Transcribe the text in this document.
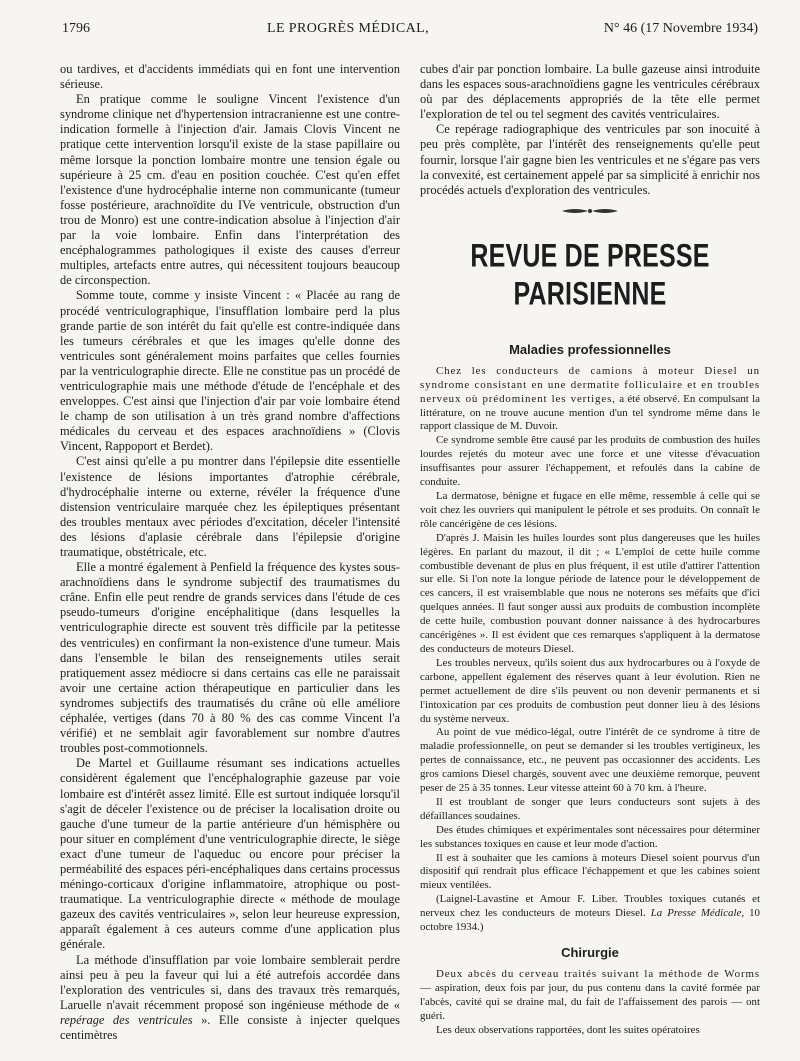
1796	LE PROGRÈS MÉDICAL,	N° 46 (17 Novembre 1934)

ou tardives, et d'accidents immédiats qui en font une intervention sérieuse.

En pratique comme le souligne Vincent l'existence d'un syndrome clinique net d'hypertension intracranienne est une contre-indication formelle à l'injection d'air. Jamais Clovis Vincent ne pratique cette intervention lorsqu'il existe de la stase papillaire ou même lorsque la ponction lombaire montre une tension égale ou supérieure à 25 cm. d'eau en position couchée. C'est qu'en effet l'existence d'une hydrocéphalie interne non communicante (tumeur fosse postérieure, arachnoïdite du IVe ventricule, obstruction d'un trou de Monro) est une contre-indication absolue à l'injection d'air par la voie lombaire. Enfin dans l'interprétation des encéphalogrammes pathologiques il existe des causes d'erreur multiples, artefacts entre autres, qui nécessitent toujours beaucoup de circonspection.

Somme toute, comme y insiste Vincent : « Placée au rang de procédé ventriculographique, l'insufflation lombaire perd la plus grande partie de son intérêt du fait qu'elle est contre-indiquée dans les tumeurs cérébrales et que les images qu'elle donne des ventricules sont généralement moins parfaites que celles fournies par la ventriculographie directe. Elle ne constitue pas un procédé de ventriculographie mais une méthode d'étude de l'encéphale et des enveloppes. C'est ainsi que l'injection d'air par voie lombaire étend le champ de son utilisation à un très grand nombre d'affections médicales du cerveau et des espaces arachnoïdiens » (Clovis Vincent, Rappoport et Berdet).

C'est ainsi qu'elle a pu montrer dans l'épilepsie dite essentielle l'existence de lésions importantes d'atrophie cérébrale, d'hydrocéphalie interne ou externe, révéler la fréquence d'une distension ventriculaire marquée chez les épileptiques présentant des troubles mentaux avec périodes d'excitation, déceler l'intensité des lésions d'aplasie cérébrale dans l'épilepsie d'origine traumatique, obstétricale, etc.

Elle a montré également à Penfield la fréquence des kystes sous-arachnoïdiens dans le syndrome subjectif des traumatismes du crâne. Enfin elle peut rendre de grands services dans l'étude de ces pseudo-tumeurs d'origine encéphalitique (dans lesquelles la ventriculographie directe est souvent très difficile par la petitesse des ventricules) en confirmant la non-existence d'une tumeur. Mais dans l'ensemble le bilan des renseignements utiles serait pratiquement assez médiocre si dans certains cas elle ne paraissait avoir une certaine action thérapeutique en particulier dans les syndromes subjectifs des traumatisés du crâne où elle améliore céphalée, vertiges (dans 70 à 80 % des cas comme Vincent l'a vérifié) et ne semblait agir favorablement sur nombre d'autres troubles post-commotionnels.

De Martel et Guillaume résumant ses indications actuelles considèrent également que l'encéphalographie gazeuse par voie lombaire est d'intérêt assez limité. Elle est surtout indiquée lorsqu'il s'agit de déceler l'existence ou de préciser la localisation droite ou gauche d'une tumeur de la partie antérieure d'un hémisphère ou pour situer en complément d'une ventriculographie directe, le siège exact d'une tumeur de l'aqueduc ou encore pour préciser la perméabilité des espaces péri-encéphaliques dans certains processus méningo-corticaux d'origine inflammatoire, atrophique ou post-traumatique. La ventriculographie directe « méthode de moulage gazeux des cavités ventriculaires », selon leur heureuse expression, apparaît également à ces auteurs comme d'une application plus générale.

La méthode d'insufflation par voie lombaire semblerait perdre ainsi peu à peu la faveur qui lui a été autrefois accordée dans l'exploration des ventricules si, dans des travaux très remarqués, Laruelle n'avait récemment proposé son ingénieuse méthode de « repérage des ventricules ». Elle consiste à injecter quelques centimètres

cubes d'air par ponction lombaire. La bulle gazeuse ainsi introduite dans les espaces sous-arachnoïdiens gagne les ventricules cérébraux où par des déplacements appropriés de la tête elle permet l'exploration de tel ou tel segment des cavités ventriculaires.

Ce repérage radiographique des ventricules par son inocuité à peu près complète, par l'intérêt des renseignements qu'elle peut fournir, lorsque l'air gagne bien les ventricules et ne s'égare pas vers la convexité, est certainement appelé par sa simplicité à enrichir nos procédés actuels d'exploration des ventricules.

REVUE DE PRESSE PARISIENNE
Maladies professionnelles

Chez les conducteurs de camions à moteur Diesel un syndrome consistant en une dermatite folliculaire et en troubles nerveux où prédominent les vertiges, a été observé. En compulsant la littérature, on ne trouve aucune mention d'un tel syndrome même dans le rapport classique de M. Duvoir.

Ce syndrome semble être causé par les produits de combustion des huiles lourdes rejetés du moteur avec une force et une vitesse d'évacuation insuffisantes pour assurer l'échappement, et refoulés dans la cabine de conduite.

La dermatose, bénigne et fugace en elle même, ressemble à celle qui se voit chez les ouvriers qui manipulent le pétrole et ses produits. On connaît le rôle cancérigène de ces lésions.

D'après J. Maisin les huiles lourdes sont plus dangereuses que les huiles légères. En parlant du mazout, il dit ; « L'emploi de cette huile comme combustible devenant de plus en plus fréquent, il est utile d'attirer l'attention sur elle. Si l'on note la longue période de latence pour le développement de ces cancers, il est vraisemblable que nous ne noterons ses méfaits que d'ici quelques années. Il faut songer aussi aux produits de combustion incomplète de cette huile, combustion pouvant donner naissance à des hydrocarbures cancérigènes ». Il est évident que ces remarques s'appliquent à la dermatose des conducteurs de moteurs Diesel.

Les troubles nerveux, qu'ils soient dus aux hydrocarbures ou à l'oxyde de carbone, appellent également des réserves quant à leur évolution. Rien ne permet actuellement de dire s'ils peuvent ou non devenir permanents et si l'intoxication par ces produits de combustion peut donner lieu à des lésions du système nerveux.

Au point de vue médico-légal, outre l'intérêt de ce syndrome à titre de maladie professionnelle, on peut se demander si les troubles vertigineux, les pertes de connaissance, etc., ne peuvent pas occasionner des accidents. Les gros camions Diesel chargés, souvent avec une deuxième remorque, peuvent peser de 25 à 35 tonnes. Leur vitesse atteint 60 à 70 km. à l'heure.

Il est troublant de songer que leurs conducteurs sont sujets à des défaillances soudaines.

Des études chimiques et expérimentales sont nécessaires pour déterminer les substances toxiques en cause et leur mode d'action.

Il est à souhaiter que les camions à moteurs Diesel soient pourvus d'un dispositif qui rendrait plus efficace l'échappement et que les cabines soient mieux ventilées.

(Laignel-Lavastine et Amour F. Liber. Troubles toxiques cutanés et nerveux chez les conducteurs de moteurs Diesel. La Presse Médicale, 10 octobre 1934.)

Chirurgie

Deux abcès du cerveau traités suivant la méthode de Worms — aspiration, deux fois par jour, du pus contenu dans la cavité formée par l'abcès, cavité qui se draine mal, du fait de l'affaissement des parois — ont guéri.

Les deux observations rapportées, dont les suites opératoires
